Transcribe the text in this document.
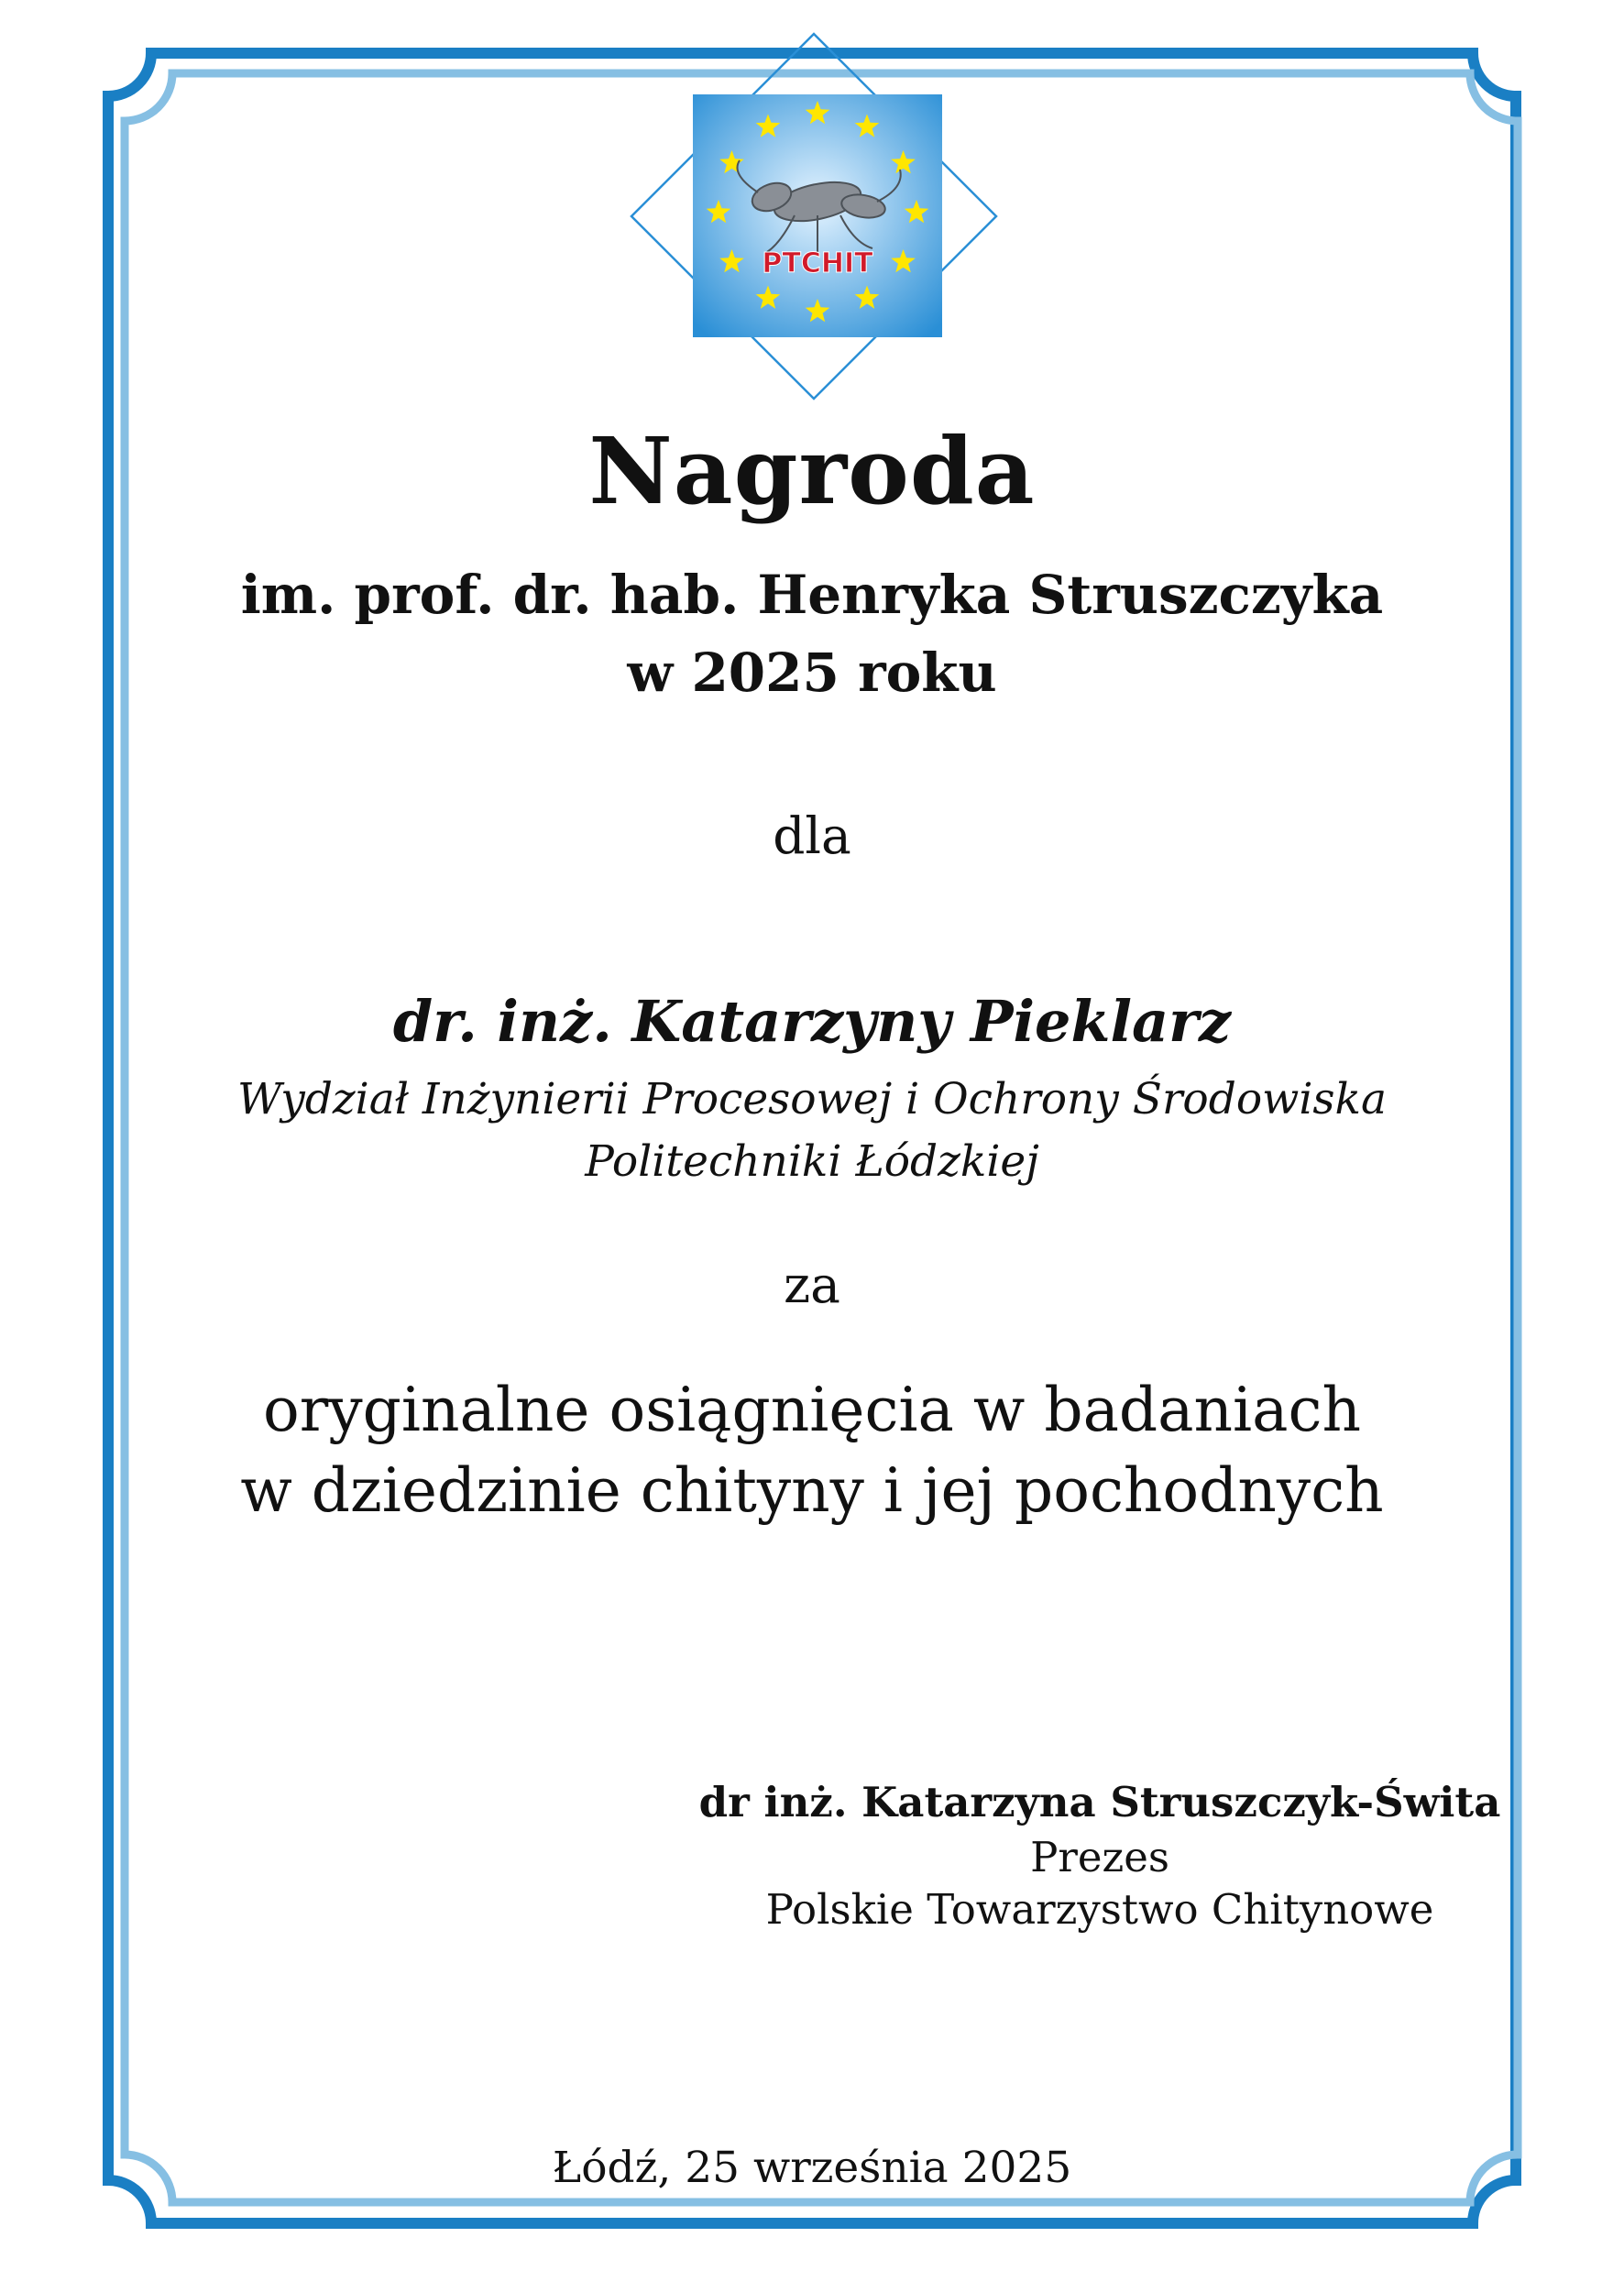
PTCHIT
Nagroda
im. prof. dr. hab. Henryka Struszczyka
w 2025 roku
dla
dr. inż. Katarzyny Pieklarz
Wydział Inżynierii Procesowej i Ochrony Środowiska
Politechniki Łódzkiej
za
oryginalne osiągnięcia w badaniach
w dziedzinie chityny i jej pochodnych
dr inż. Katarzyna Struszczyk-Świta
Prezes
Polskie Towarzystwo Chitynowe
Łódź, 25 września 2025
